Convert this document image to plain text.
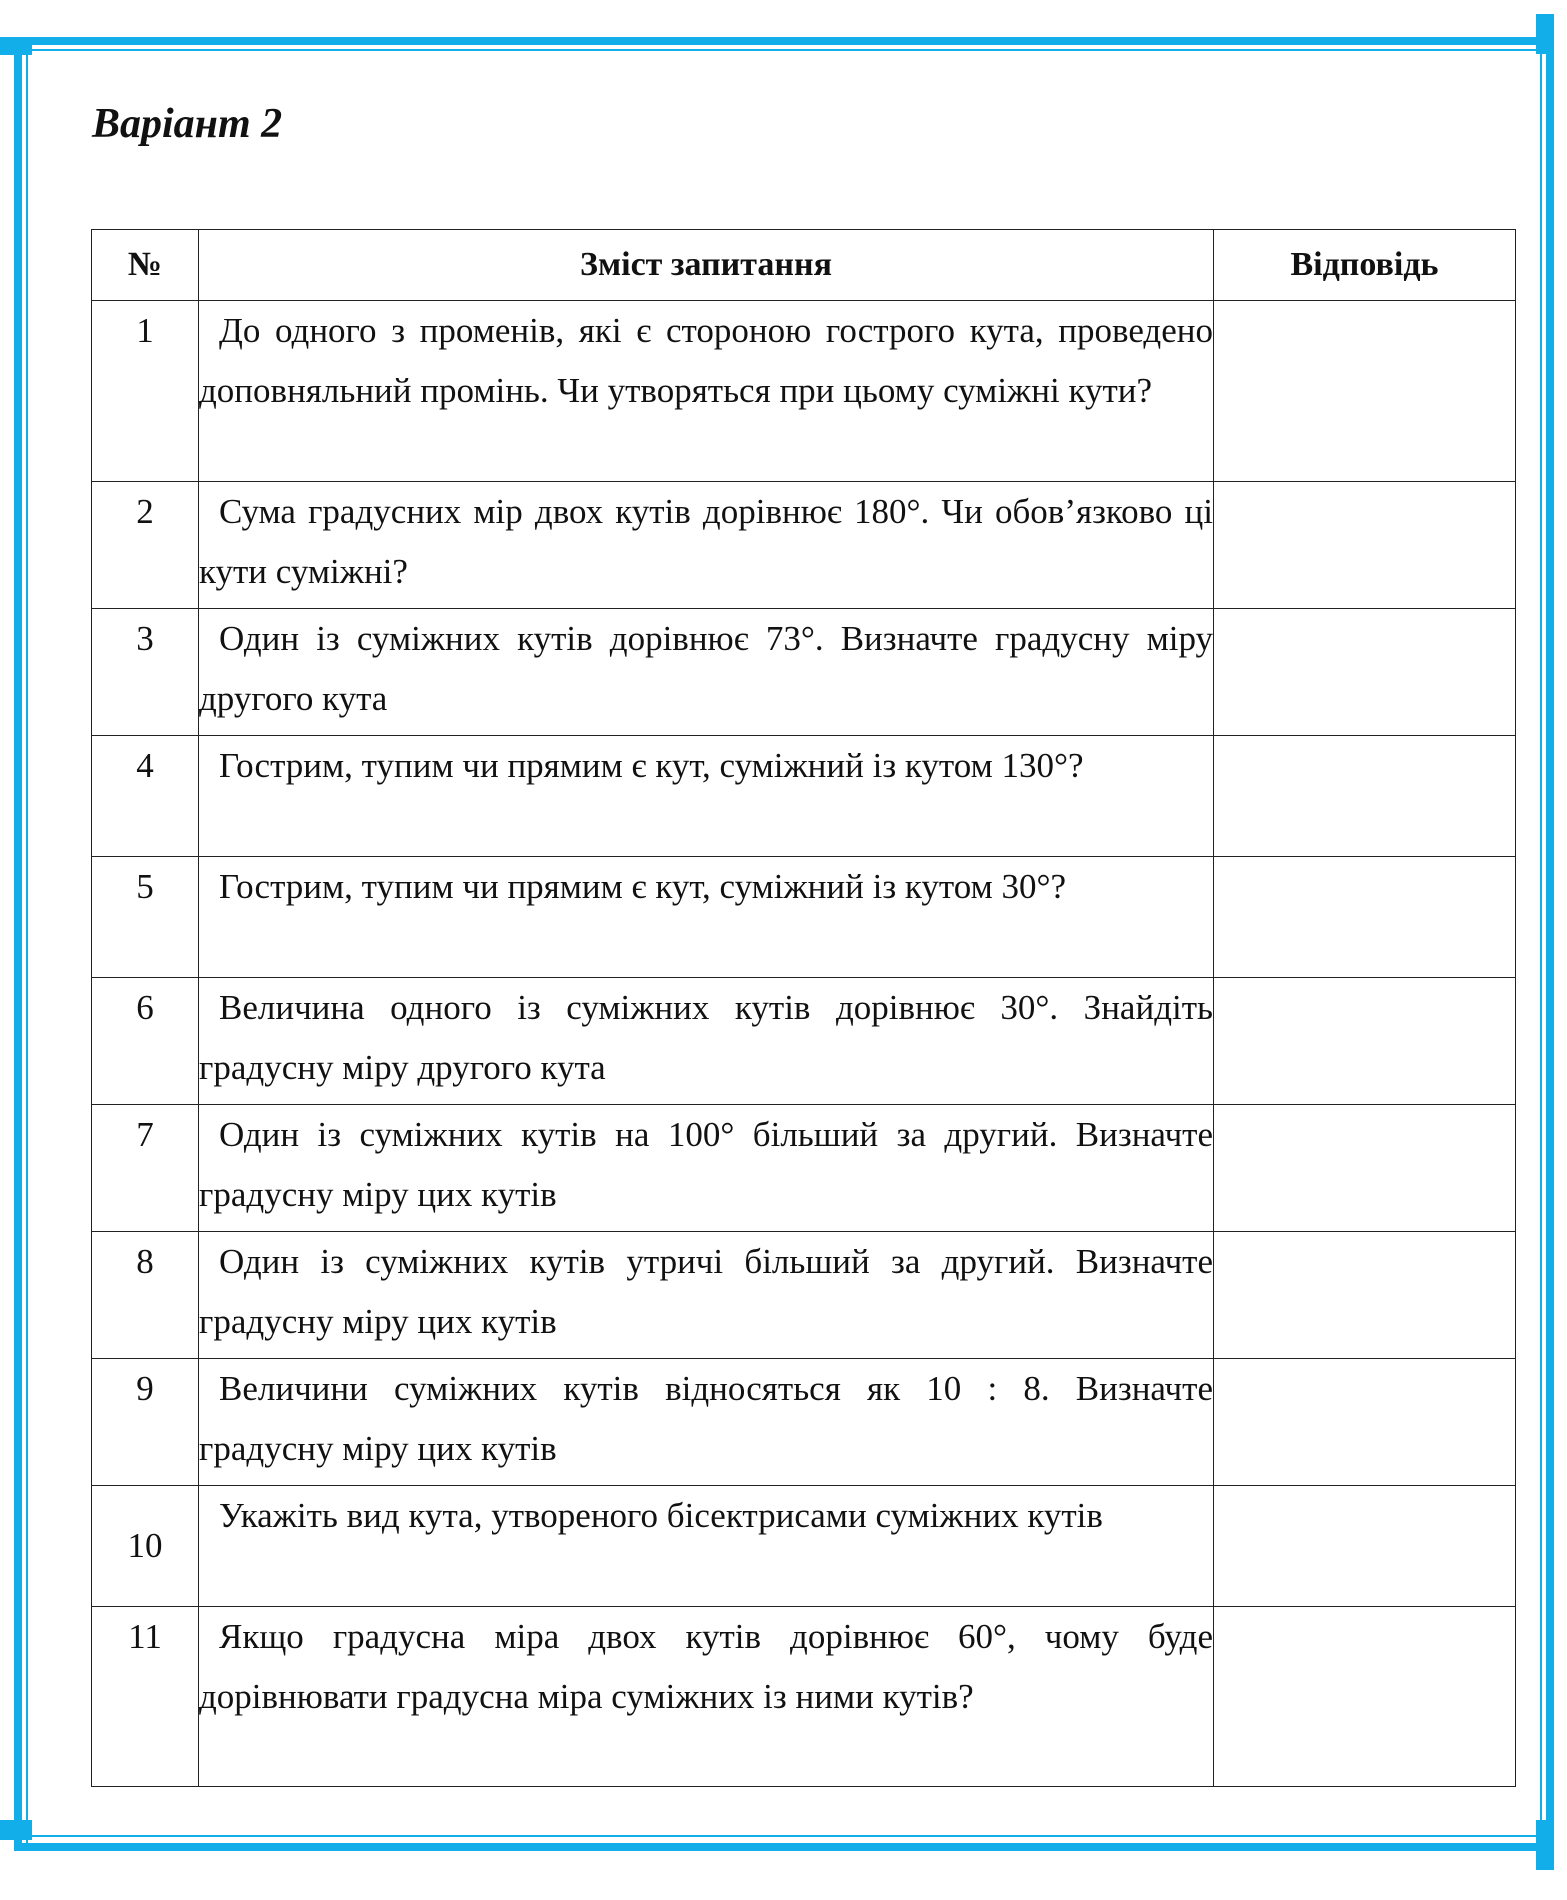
Варіант 2
№	Зміст запитання	Відповідь
1	До одного з променів, які є стороною гострого кута, проведено доповняльний промінь. Чи утворяться при цьому суміжні кути?	

2	Сума градусних мір двох кутів дорівнює 180°. Чи обов’язково ці кути суміжні?	

3	Один із суміжних кутів дорівнює 73°. Визначте градусну міру другого кута	

4	Гострим, тупим чи прямим є кут, суміжний із кутом 130°?	

5	Гострим, тупим чи прямим є кут, суміжний із кутом 30°?	

6	Величина одного із суміжних кутів дорівнює 30°. Знайдіть градусну міру другого кута	

7	Один із суміжних кутів на 100° більший за другий. Визначте градусну міру цих кутів	

8	Один із суміжних кутів утричі більший за другий. Визначте градусну міру цих кутів	

9	Величини суміжних кутів відносяться як 10 : 8. Визначте градусну міру цих кутів	

10	Укажіть вид кута, утвореного бісектрисами суміжних кутів	

11	Якщо градусна міра двох кутів дорівнює 60°, чому буде дорівнювати градусна міра суміжних із ними кутів?	
